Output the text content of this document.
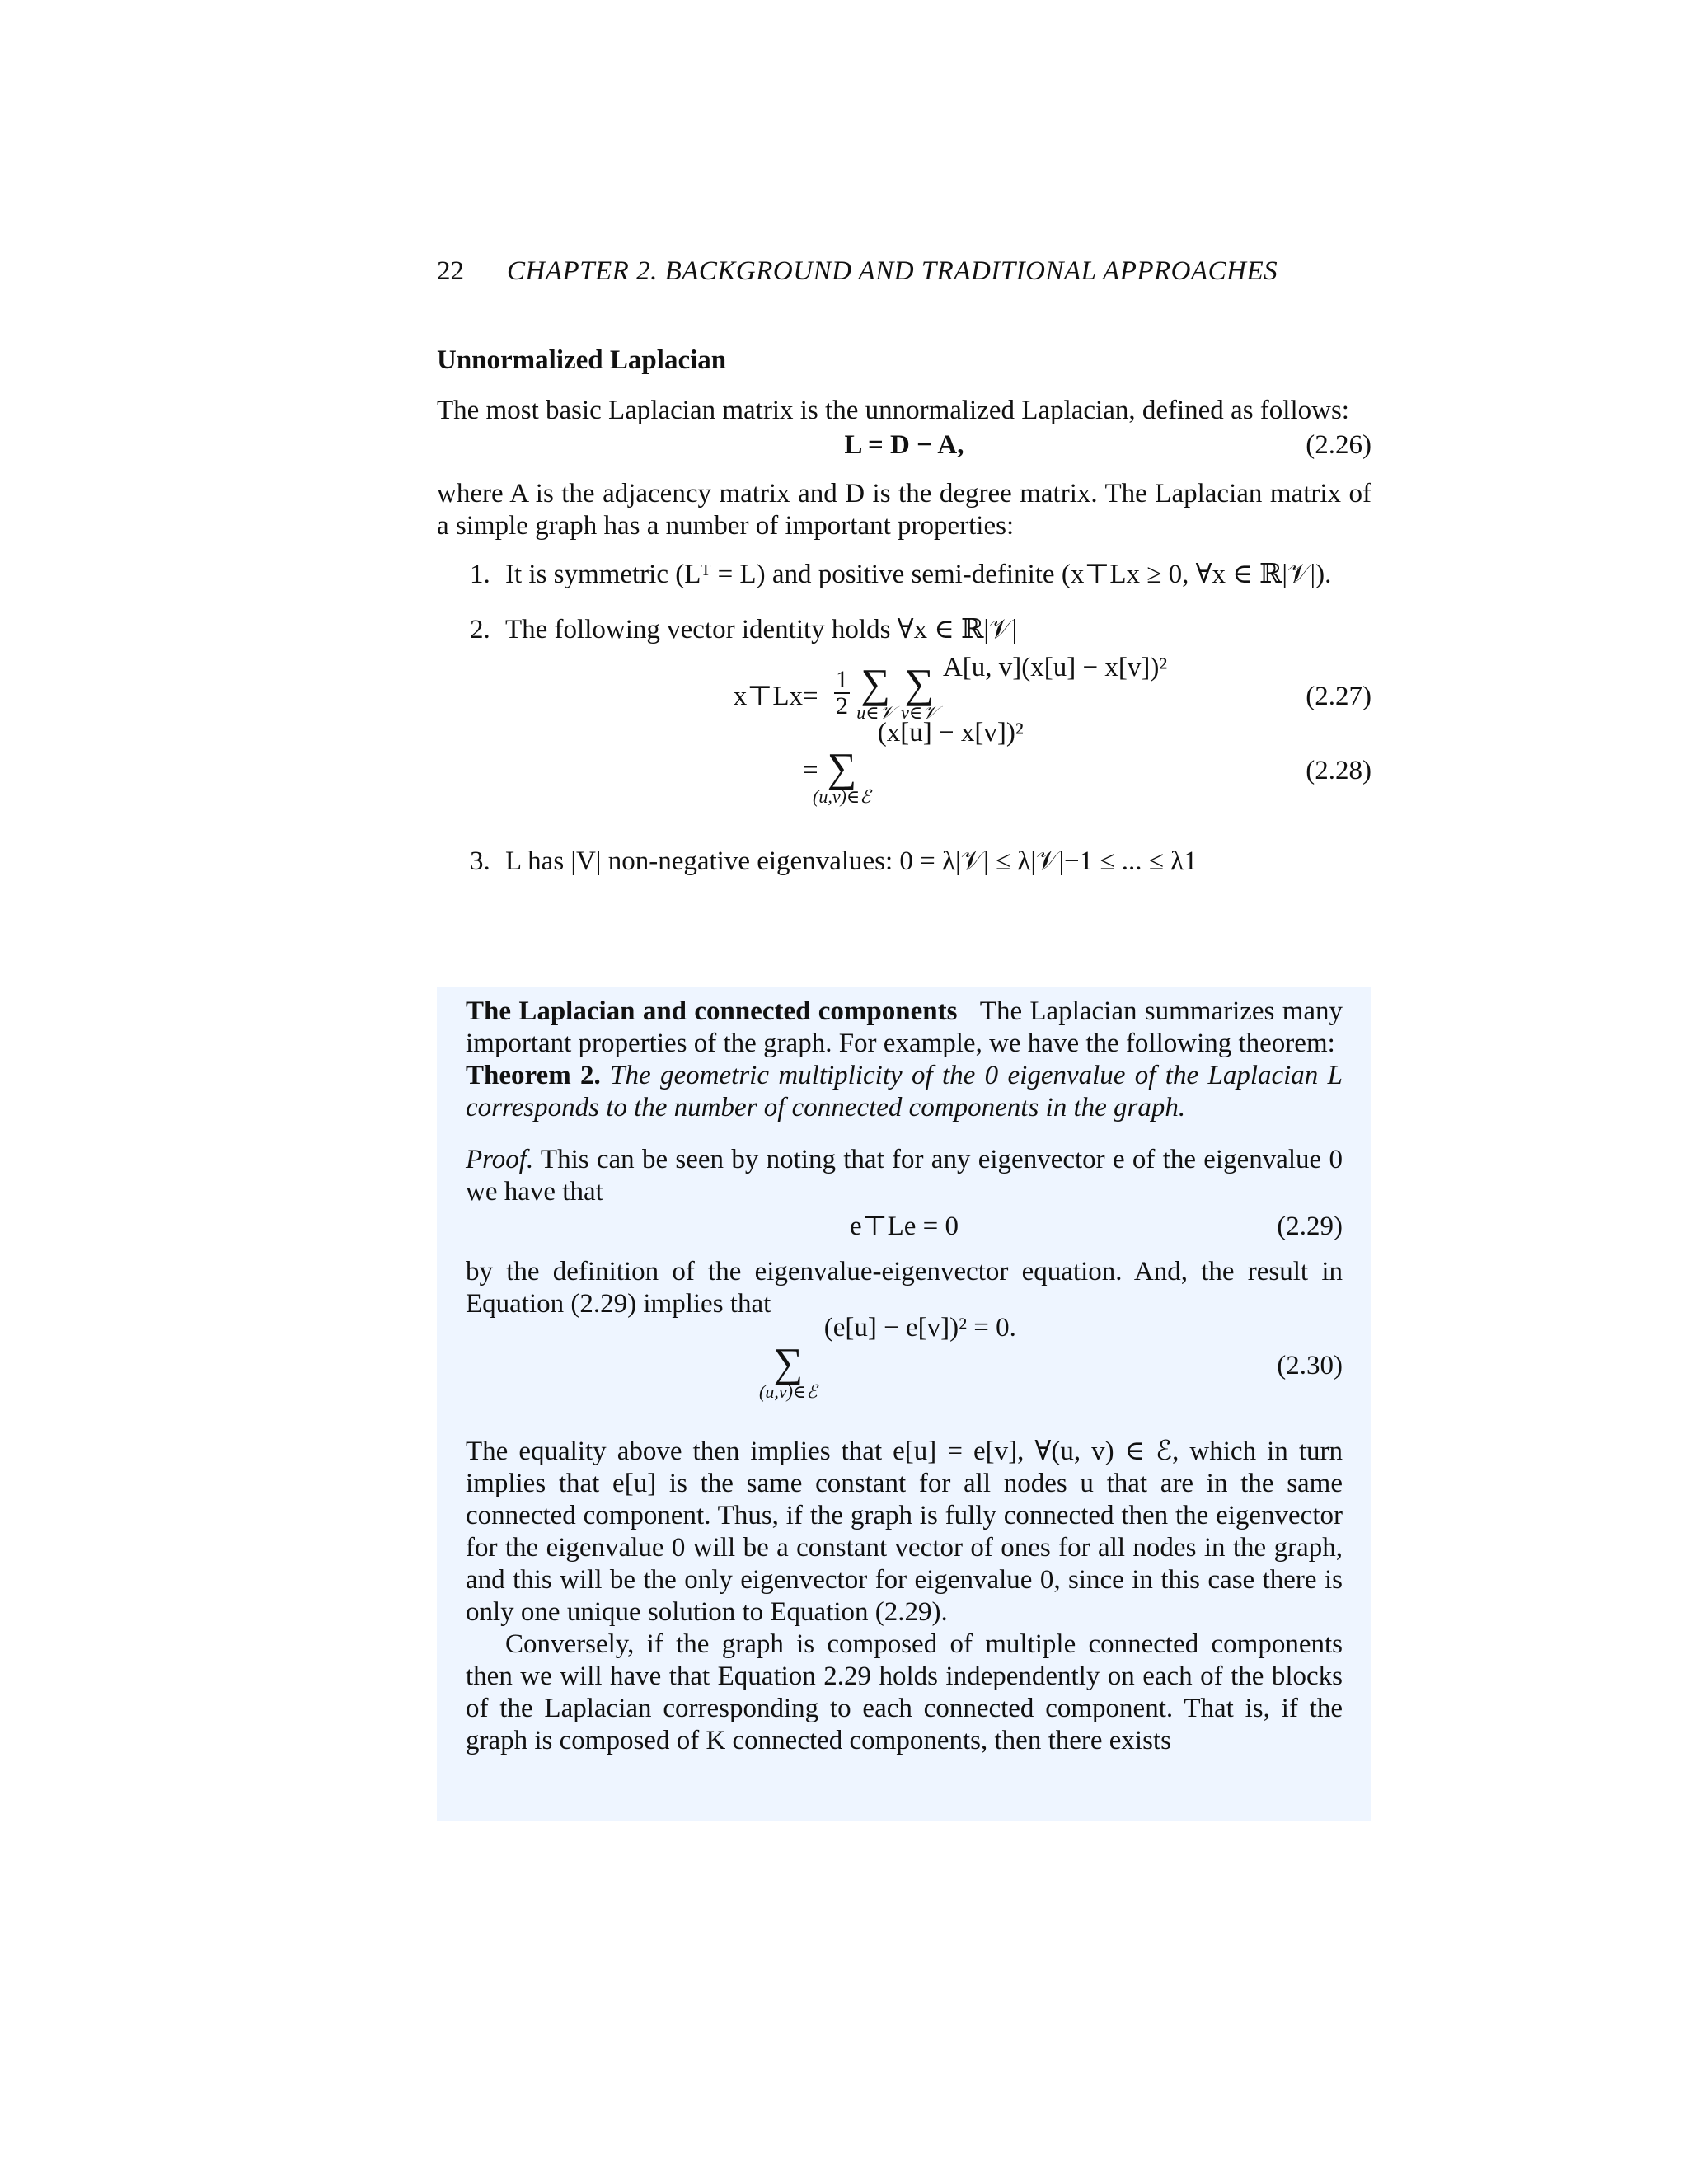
22 CHAPTER 2. BACKGROUND AND TRADITIONAL APPROACHES
Unnormalized Laplacian

The most basic Laplacian matrix is the unnormalized Laplacian, defined as follows:

L = D − A,	(2.26)

where A is the adjacency matrix and D is the degree matrix. The Laplacian matrix of a simple graph has a number of important properties:

1. It is symmetric (Lᵀ = L) and positive semi-definite (x⊤Lx ≥ 0, ∀x ∈ ℝ|𝒱|).
2. The following vector identity holds ∀x ∈ ℝ|𝒱|
x⊤Lx = $\frac{1}{2}$
∑
u∈𝒱

∑
v∈𝒱
A[u, v](x[u] − x[v])²
(2.27)
= ∑
(u,v)∈ℰ
(x[u] − x[v])²
(2.28)
3. L has |V| non-negative eigenvalues: 0 = λ|𝒱| ≤ λ|𝒱|−1 ≤ ... ≤ λ1

The Laplacian and connected components The Laplacian summarizes many important properties of the graph. For example, we have the following theorem:

Theorem 2. The geometric multiplicity of the 0 eigenvalue of the Laplacian L corresponds to the number of connected components in the graph.

Proof. This can be seen by noting that for any eigenvector e of the eigenvalue 0 we have that

e⊤Le = 0	(2.29)

by the definition of the eigenvalue-eigenvector equation. And, the result in Equation (2.29) implies that

∑
(u,v)∈ℰ
(e[u] − e[v])² = 0.
(2.30)

The equality above then implies that e[u] = e[v], ∀(u, v) ∈ ℰ, which in turn implies that e[u] is the same constant for all nodes u that are in the same connected component. Thus, if the graph is fully connected then the eigenvector for the eigenvalue 0 will be a constant vector of ones for all nodes in the graph, and this will be the only eigenvector for eigenvalue 0, since in this case there is only one unique solution to Equation (2.29).

Conversely, if the graph is composed of multiple connected components then we will have that Equation 2.29 holds independently on each of the blocks of the Laplacian corresponding to each connected component. That is, if the graph is composed of K connected components, then there exists
